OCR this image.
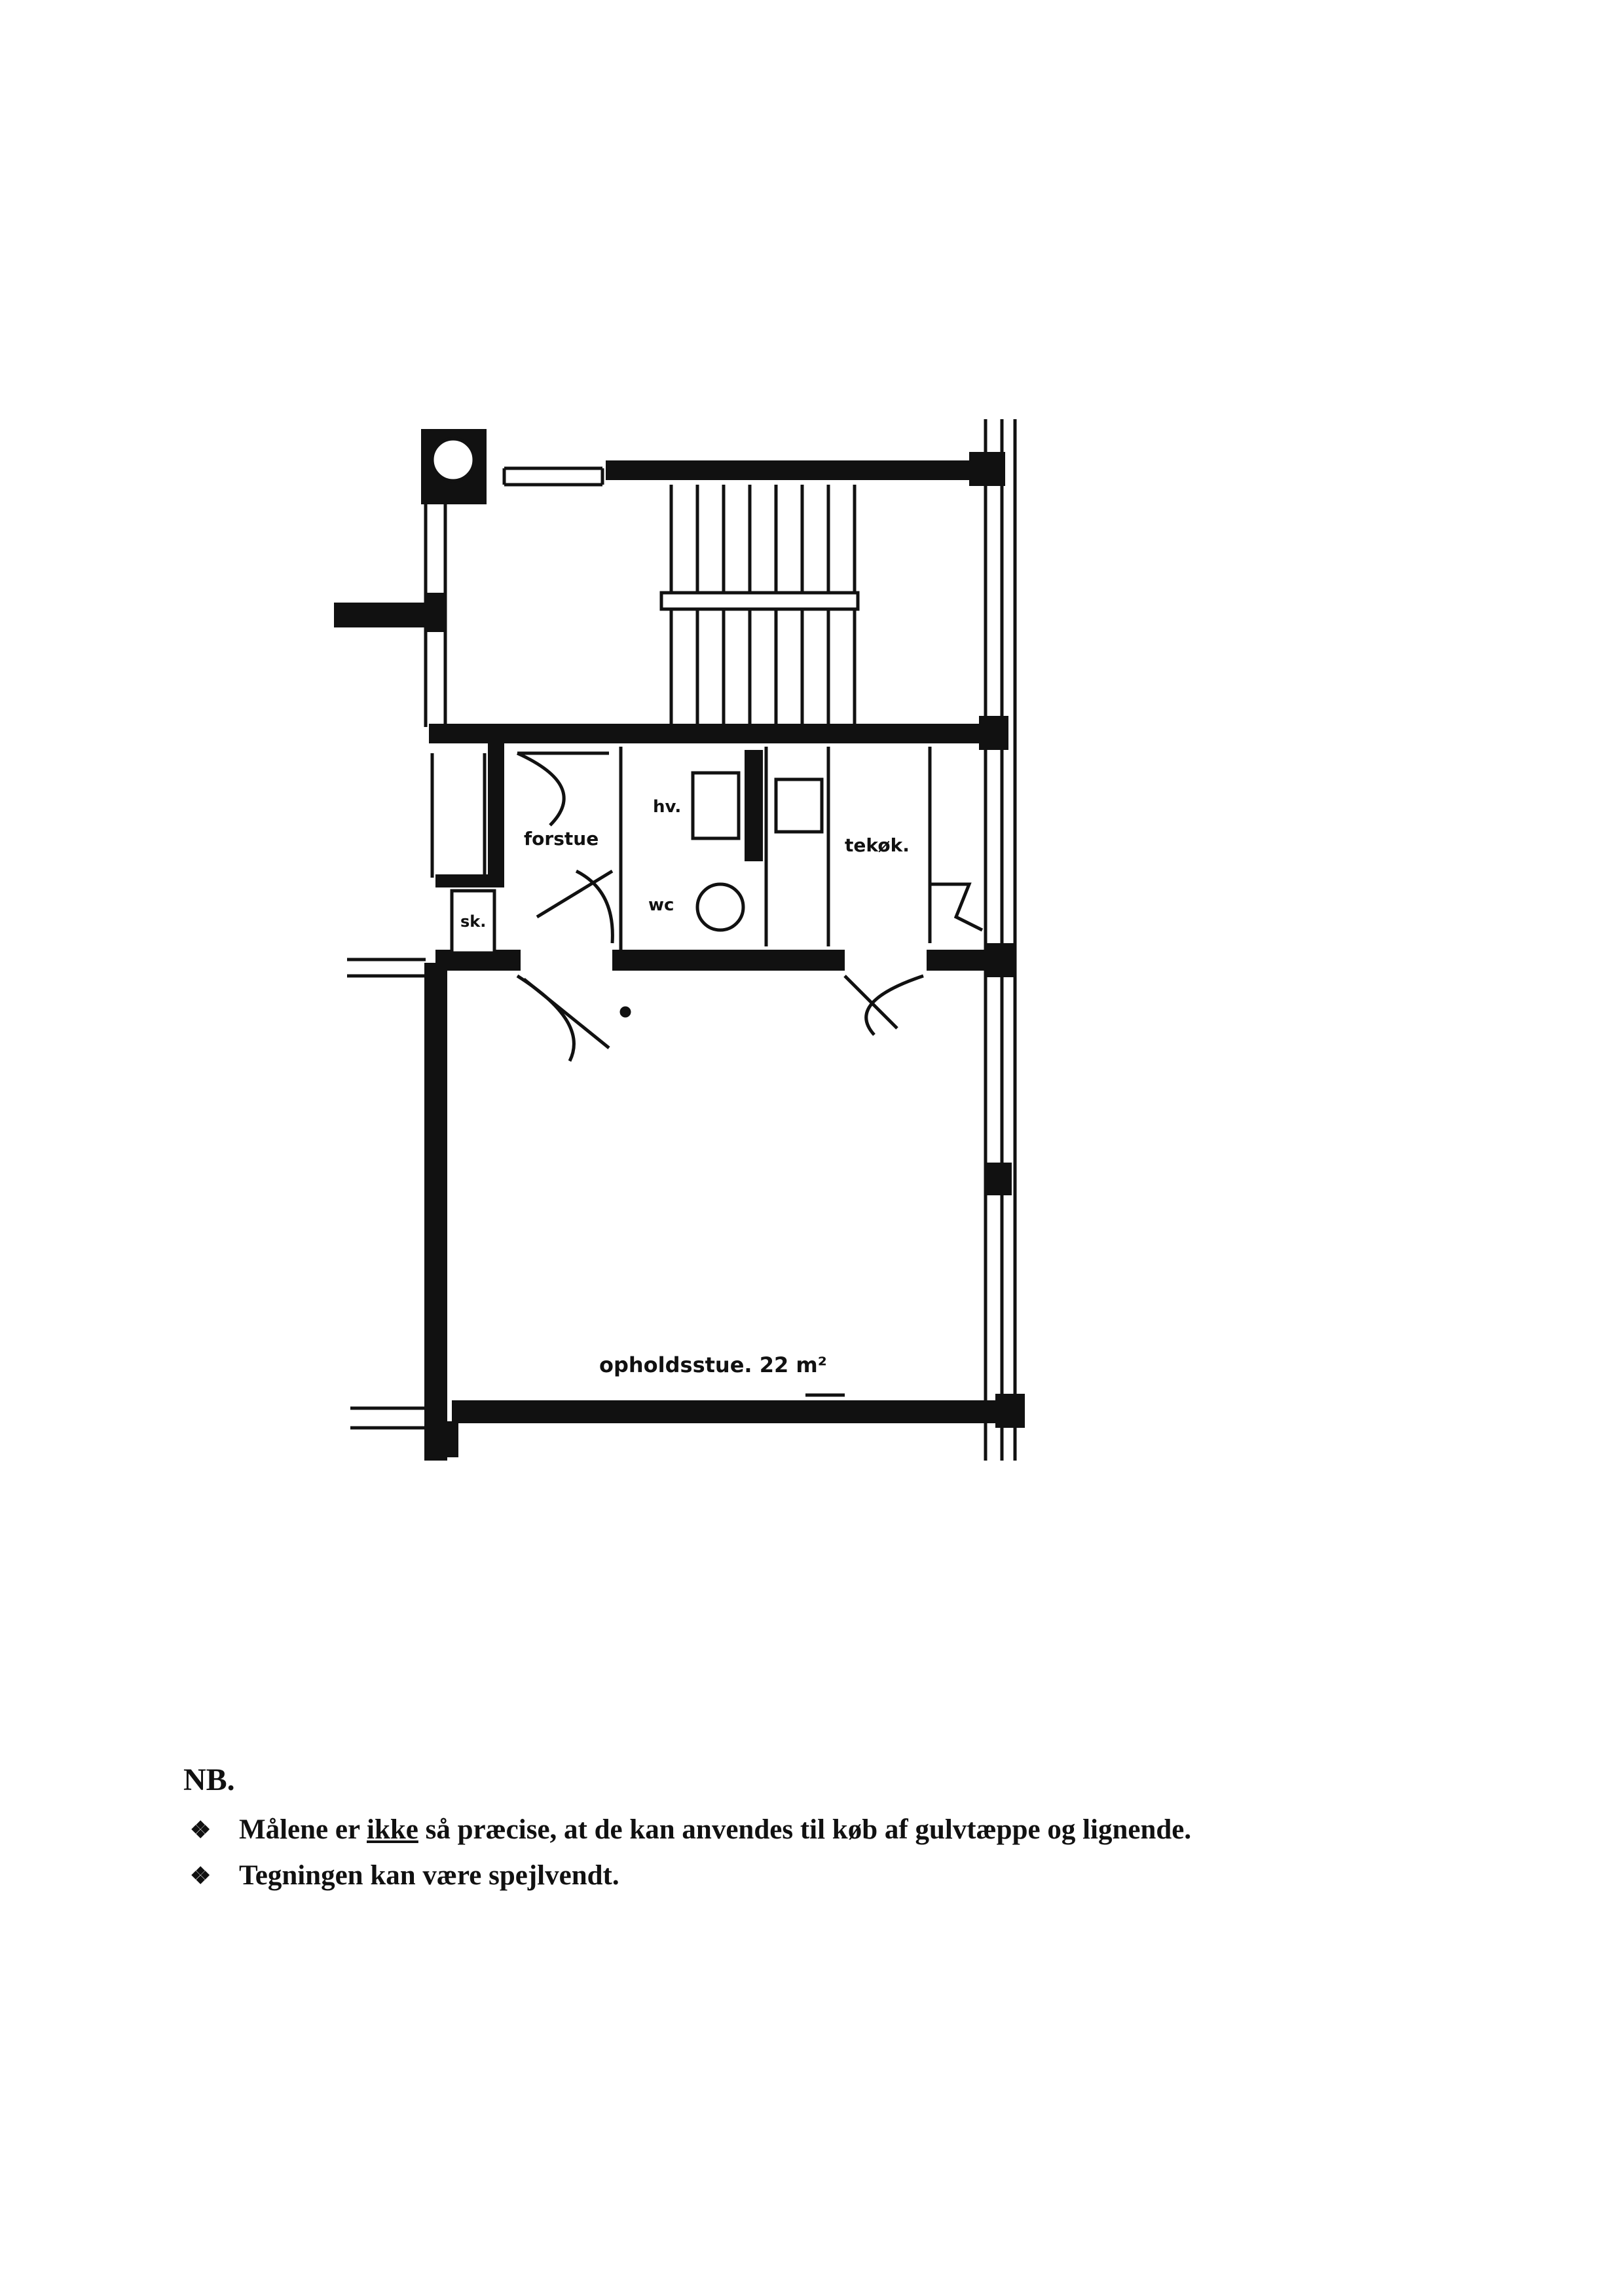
hv.
forstue	tekøk.
sk.
wc
opholdsstue. 22 m²
NB.
❖ Målene er ikke så præcise, at de kan anvendes til køb af gulvtæppe og lignende.
❖ Tegningen kan være spejlvendt.
